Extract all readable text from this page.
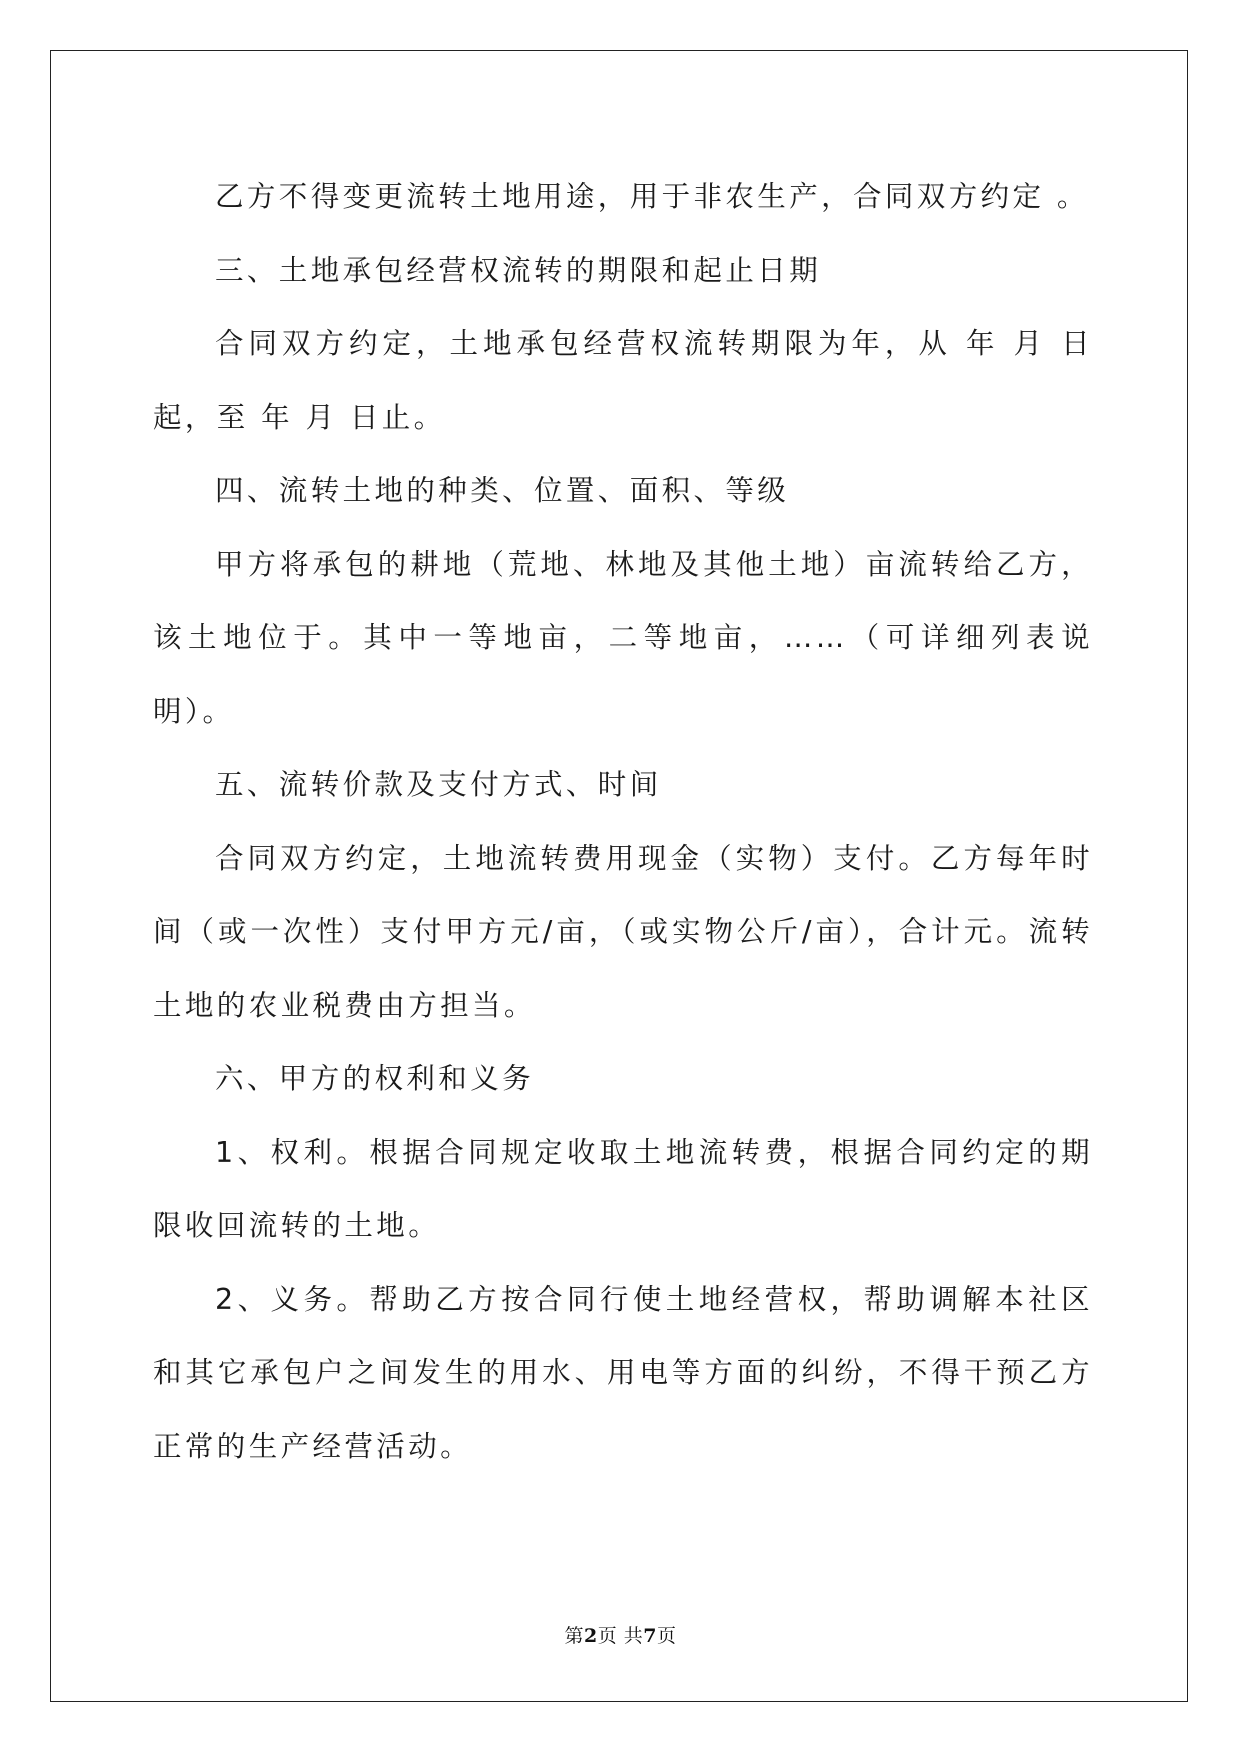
乙方不得变更流转土地用途，用于非农生产，合同双方约定 。

三、土地承包经营权流转的期限和起止日期

合同双方约定，土地承包经营权流转期限为年，从 年 月 日起，至 年 月 日止。

四、流转土地的种类、位置、面积、等级

甲方将承包的耕地（荒地、林地及其他土地）亩流转给乙方，该土地位于。其中一等地亩，二等地亩，……（可详细列表说明）。

五、流转价款及支付方式、时间

合同双方约定，土地流转费用现金（实物）支付。乙方每年时间（或一次性）支付甲方元/亩，（或实物公斤/亩），合计元。流转土地的农业税费由方担当。

六、甲方的权利和义务

1、权利。根据合同规定收取土地流转费，根据合同约定的期限收回流转的土地。

2、义务。帮助乙方按合同行使土地经营权，帮助调解本社区和其它承包户之间发生的用水、用电等方面的纠纷，不得干预乙方正常的生产经营活动。

第2页 共7页
